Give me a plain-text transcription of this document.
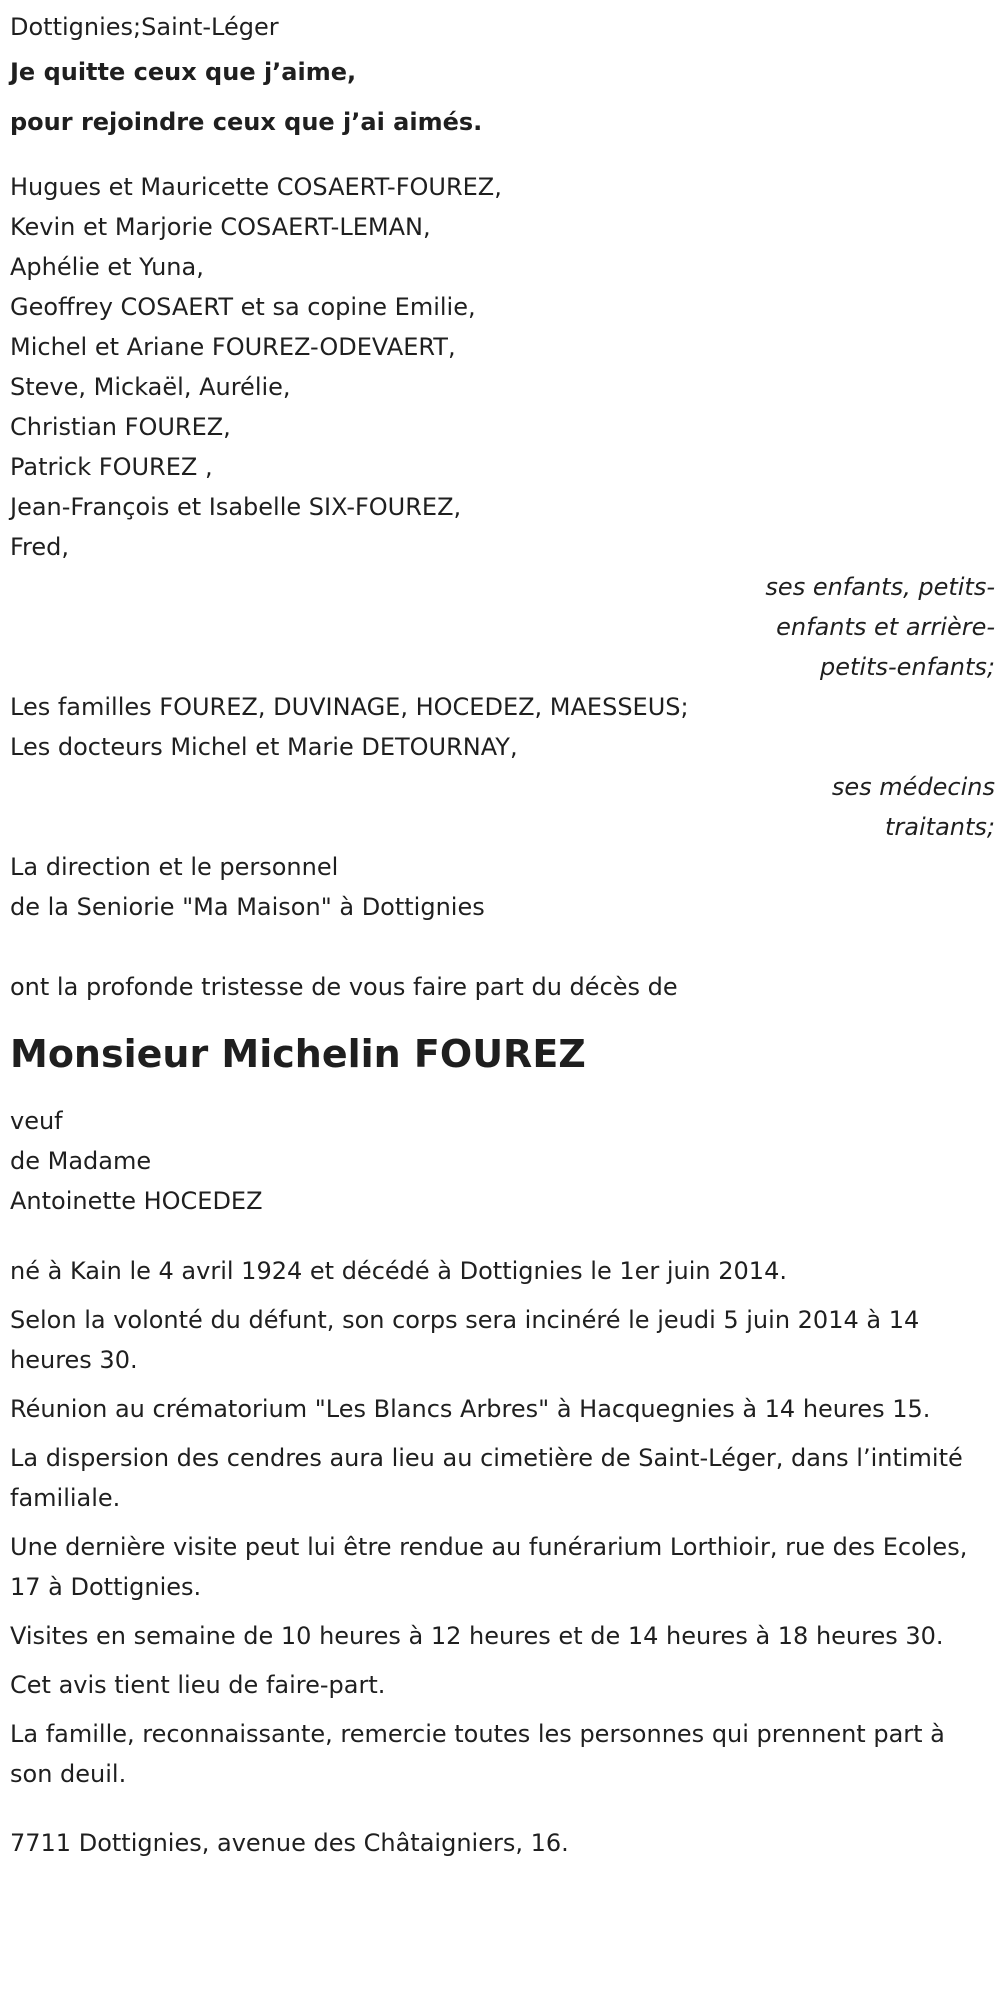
Dottignies;Saint-Léger
Je quitte ceux que j’aime,
pour rejoindre ceux que j’ai aimés.
Hugues et Mauricette COSAERT-FOUREZ,
Kevin et Marjorie COSAERT-LEMAN,
Aphélie et Yuna,
Geoffrey COSAERT et sa copine Emilie,
Michel et Ariane FOUREZ-ODEVAERT,
Steve, Mickaël, Aurélie,
Christian FOUREZ,
Patrick FOUREZ ,
Jean-François et Isabelle SIX-FOUREZ,
Fred,
ses enfants, petits-
enfants et arrière-
petits-enfants;
Les familles FOUREZ, DUVINAGE, HOCEDEZ, MAESSEUS;
Les docteurs Michel et Marie DETOURNAY,
ses médecins
traitants;
La direction et le personnel
de la Seniorie "Ma Maison" à Dottignies
ont la profonde tristesse de vous faire part du décès de
Monsieur Michelin FOUREZ
veuf
de Madame
Antoinette HOCEDEZ
né à Kain le 4 avril 1924 et décédé à Dottignies le 1er juin 2014.
Selon la volonté du défunt, son corps sera incinéré le jeudi 5 juin 2014 à 14 heures 30.
Réunion au crématorium "Les Blancs Arbres" à Hacquegnies à 14 heures 15.
La dispersion des cendres aura lieu au cimetière de Saint-Léger, dans l’intimité familiale.
Une dernière visite peut lui être rendue au funérarium Lorthioir, rue des Ecoles, 17 à Dottignies.
Visites en semaine de 10 heures à 12 heures et de 14 heures à 18 heures 30.
Cet avis tient lieu de faire-part.
La famille, reconnaissante, remercie toutes les personnes qui prennent part à son deuil.
7711 Dottignies, avenue des Châtaigniers, 16.
